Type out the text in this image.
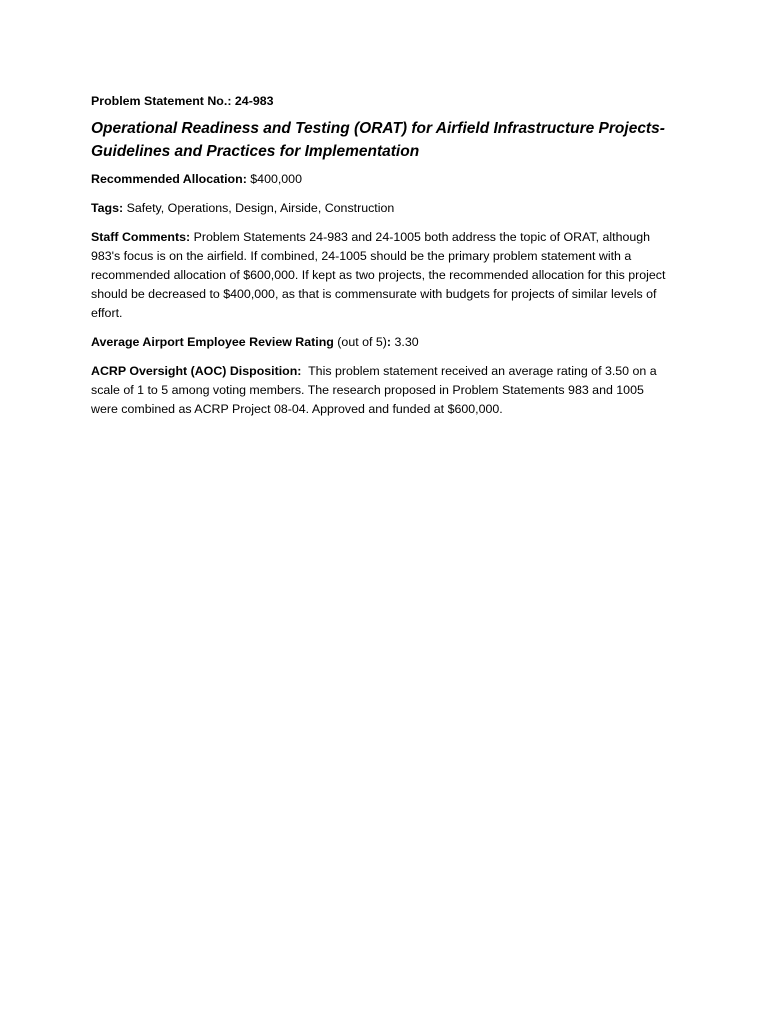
Problem Statement No.: 24-983

Operational Readiness and Testing (ORAT) for Airfield Infrastructure Projects-Guidelines and Practices for Implementation

Recommended Allocation: $400,000

Tags: Safety, Operations, Design, Airside, Construction

Staff Comments: Problem Statements 24-983 and 24-1005 both address the topic of ORAT, although 983's focus is on the airfield. If combined, 24-1005 should be the primary problem statement with a recommended allocation of $600,000. If kept as two projects, the recommended allocation for this project should be decreased to $400,000, as that is commensurate with budgets for projects of similar levels of effort.

Average Airport Employee Review Rating (out of 5): 3.30

ACRP Oversight (AOC) Disposition: This problem statement received an average rating of 3.50 on a scale of 1 to 5 among voting members. The research proposed in Problem Statements 983 and 1005 were combined as ACRP Project 08-04. Approved and funded at $600,000.
